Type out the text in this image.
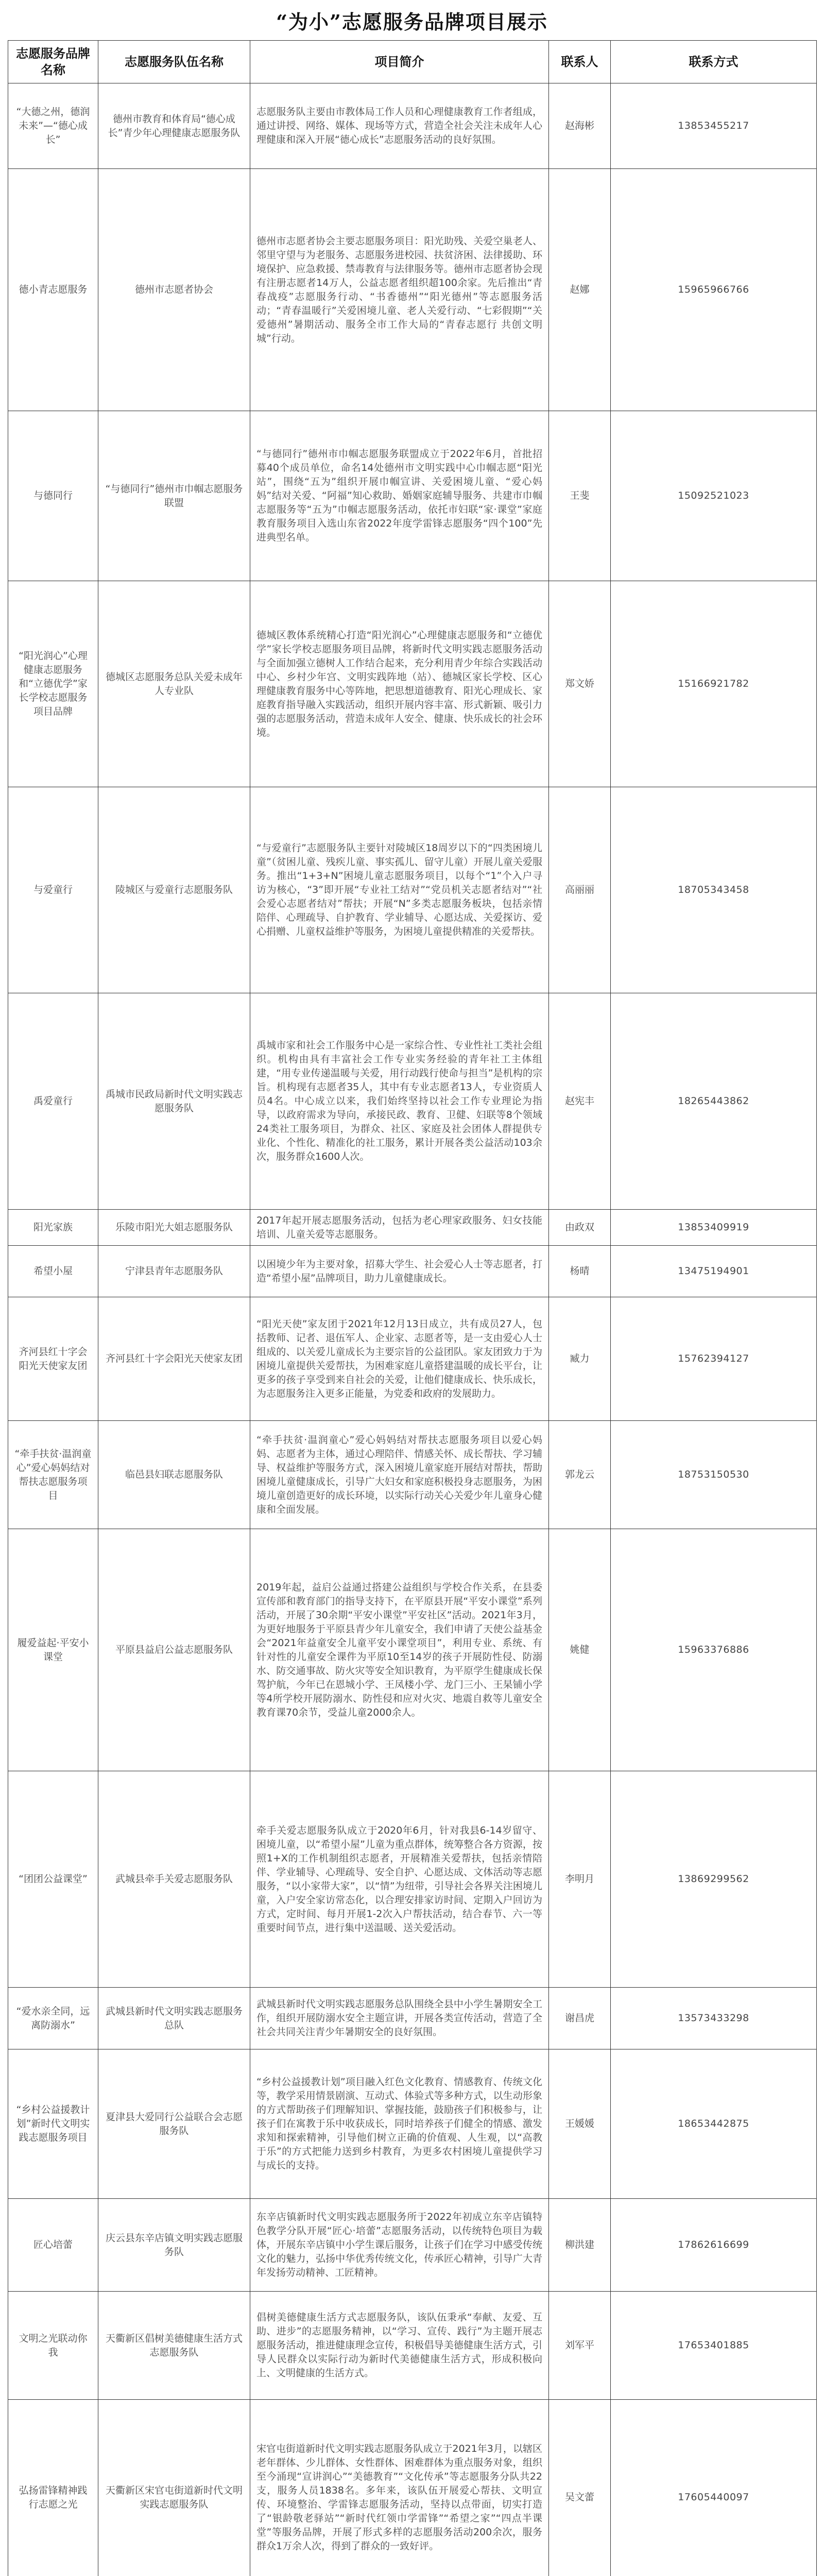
“为小”志愿服务品牌项目展示
志愿服务品牌名称	志愿服务队伍名称	项目简介	联系人	联系方式
“大德之州，德润未来”—“德心成长”	德州市教育和体育局“德心成长”青少年心理健康志愿服务队	志愿服务队主要由市教体局工作人员和心理健康教育工作者组成，通过讲授、网络、媒体、现场等方式，营造全社会关注未成年人心理健康和深入开展“德心成长”志愿服务活动的良好氛围。	赵海彬	13853455217
德小青志愿服务	德州市志愿者协会	德州市志愿者协会主要志愿服务项目：阳光助残、关爱空巢老人、邻里守望与为老服务、志愿服务进校园、扶贫济困、法律援助、环境保护、应急救援、禁毒教育与法律服务等。德州市志愿者协会现有注册志愿者14万人，公益志愿者组织超100余家。先后推出“青春战疫”志愿服务行动、“书香德州”“阳光德州”等志愿服务活动；“青春温暖行”关爱困境儿童、老人关爱行动、“七彩假期”“关爱德州”暑期活动、服务全市工作大局的“青春志愿行 共创文明城”行动。	赵娜	15965966766
与德同行	“与德同行”德州市巾帼志愿服务联盟	“与德同行”德州市巾帼志愿服务联盟成立于2022年6月，首批招募40个成员单位，命名14处德州市文明实践中心巾帼志愿“阳光站”，围绕“五为”组织开展巾帼宣讲、关爱困境儿童、“爱心妈妈”结对关爱、“阿福”知心救助、婚姻家庭辅导服务、共建市巾帼志愿服务等“五为”巾帼志愿服务活动，依托市妇联“家·课堂”家庭教育服务项目入选山东省2022年度学雷锋志愿服务“四个100”先进典型名单。	王斐	15092521023
“阳光润心”心理健康志愿服务和“立德优学”家长学校志愿服务项目品牌	德城区志愿服务总队关爱未成年人专业队	德城区教体系统精心打造“阳光润心”心理健康志愿服务和“立德优学”家长学校志愿服务项目品牌，将新时代文明实践志愿服务活动与全面加强立德树人工作结合起来，充分利用青少年综合实践活动中心、乡村少年宫、文明实践阵地（站）、德城区家长学校、区心理健康教育服务中心等阵地，把思想道德教育、阳光心理成长、家庭教育指导融入实践活动，组织开展内容丰富、形式新颖、吸引力强的志愿服务活动，营造未成年人安全、健康、快乐成长的社会环境。	郑文娇	15166921782
与爱童行	陵城区与爱童行志愿服务队	“与爱童行”志愿服务队主要针对陵城区18周岁以下的“四类困境儿童”（贫困儿童、残疾儿童、事实孤儿、留守儿童）开展儿童关爱服务。推出“1+3+N”困境儿童志愿服务项目，以每个“1”个入户寻访为核心，“3”即开展“专业社工结对”“党员机关志愿者结对”“社会爱心志愿者结对”帮扶；开展“N”多类志愿服务板块，包括亲情陪伴、心理疏导、自护教育、学业辅导、心愿达成、关爱探访、爱心捐赠、儿童权益维护等服务，为困境儿童提供精准的关爱帮扶。	高丽丽	18705343458
禹爱童行	禹城市民政局新时代文明实践志愿服务队	禹城市家和社会工作服务中心是一家综合性、专业性社工类社会组织。机构由具有丰富社会工作专业实务经验的青年社工主体组建，“用专业传递温暖与关爱，用行动践行使命与担当”是机构的宗旨。机构现有志愿者35人，其中有专业志愿者13人，专业资质人员4名。中心成立以来，我们始终坚持以社会工作专业理论为指导，以政府需求为导向，承接民政、教育、卫健、妇联等8个领域24类社工服务项目，为群众、社区、家庭及社会团体人群提供专业化、个性化、精准化的社工服务，累计开展各类公益活动103余次，服务群众1600人次。	赵宪丰	18265443862
阳光家族	乐陵市阳光大姐志愿服务队	2017年起开展志愿服务活动，包括为老心理家政服务、妇女技能培训、儿童关爱等志愿服务。	由政双	13853409919
希望小屋	宁津县青年志愿服务队	以困境少年为主要对象，招募大学生、社会爱心人士等志愿者，打造“希望小屋”品牌项目，助力儿童健康成长。	杨晴	13475194901
齐河县红十字会阳光天使家友团	齐河县红十字会阳光天使家友团	“阳光天使”家友团于2021年12月13日成立，共有成员27人，包括教师、记者、退伍军人、企业家、志愿者等，是一支由爱心人士组成的、以关爱儿童成长为主要宗旨的公益团队。家友团致力于为困境儿童提供关爱帮扶，为困难家庭儿童搭建温暖的成长平台，让更多的孩子享受到来自社会的关爱，让他们健康成长、快乐成长，为志愿服务注入更多正能量，为党委和政府的发展助力。	臧力	15762394127
“牵手扶贫·温润童心”爱心妈妈结对帮扶志愿服务项目	临邑县妇联志愿服务队	“牵手扶贫·温润童心”爱心妈妈结对帮扶志愿服务项目以爱心妈妈、志愿者为主体，通过心理陪伴、情感关怀、成长帮扶、学习辅导、权益维护等服务方式，深入困境儿童家庭开展结对帮扶，帮助困境儿童健康成长，引导广大妇女和家庭积极投身志愿服务，为困境儿童创造更好的成长环境，以实际行动关心关爱少年儿童身心健康和全面发展。	郭龙云	18753150530
履爱益起·平安小课堂	平原县益启公益志愿服务队	2019年起，益启公益通过搭建公益组织与学校合作关系，在县委宣传部和教育部门的指导支持下，在平原县开展“平安小课堂”系列活动，开展了30余期“平安小课堂”平安社区”活动。2021年3月，为更好地服务于平原县青少年儿童安全，我们申请了天使公益基金会“2021年益童安全儿童平安小课堂项目”，利用专业、系统、有针对性的儿童安全课件为平原10至14岁的孩子开展防性侵、防溺水、防交通事故、防火灾等安全知识教育，为平原学生健康成长保驾护航，今年已在恩城小学、王凤楼小学、龙门三小、王杲铺小学等4所学校开展防溺水、防性侵和应对火灾、地震自救等儿童安全教育课70余节，受益儿童2000余人。	姚健	15963376886
“团团公益课堂”	武城县牵手关爱志愿服务队	牵手关爱志愿服务队成立于2020年6月，针对我县6-14岁留守、困境儿童，以“希望小屋”儿童为重点群体，统筹整合各方资源，按照1+X的工作机制组织志愿者，开展精准关爱帮扶，包括亲情陪伴、学业辅导、心理疏导、安全自护、心愿达成、文体活动等志愿服务，“以小家带大家”，以“情”为纽带，引导社会各界关注困境儿童，入户安全家访常态化，以合理安排家访时间、定期入户回访为方式，定时间、每月开展1-2次入户帮扶活动，结合春节、六一等重要时间节点，进行集中送温暖、送关爱活动。	李明月	13869299562
“爱水亲全同，远离防溺水”	武城县新时代文明实践志愿服务总队	武城县新时代文明实践志愿服务总队围绕全县中小学生暑期安全工作，组织开展防溺水安全主题宣讲，开展各类宣传活动，营造了全社会共同关注青少年暑期安全的良好氛围。	谢昌虎	13573433298
“乡村公益援教计划”新时代文明实践志愿服务项目	夏津县大爱同行公益联合会志愿服务队	“乡村公益援教计划”项目融入红色文化教育、情感教育、传统文化等，教学采用情景剧演、互动式、体验式等多种方式，以生动形象的方式帮助孩子们理解知识、掌握技能，鼓励孩子们积极参与，让孩子们在寓教于乐中收获成长，同时培养孩子们健全的情感、激发求知和探索精神，引导他们树立正确的价值观、人生观，以“高教于乐”的方式把能力送到乡村教育，为更多农村困境儿童提供学习与成长的支持。	王媛媛	18653442875
匠心培蕾	庆云县东辛店镇文明实践志愿服务队	东辛店镇新时代文明实践志愿服务所于2022年初成立东辛店镇特色教学分队开展“匠心·培蕾”志愿服务活动，以传统特色项目为载体，开展东辛店镇中小学生课后服务，让孩子们在学习中感受传统文化的魅力，弘扬中华优秀传统文化，传承匠心精神，引导广大青年发扬劳动精神、工匠精神。	柳洪建	17862616699
文明之光联动你我	天衢新区倡树美德健康生活方式志愿服务队	倡树美德健康生活方式志愿服务队，该队伍秉承“奉献、友爱、互助、进步”的志愿服务精神，以“学习、宣传、践行”为主题开展志愿服务活动，推进健康理念宣传，积极倡导美德健康生活方式，引导人民群众以实际行动为新时代美德健康生活方式，形成积极向上、文明健康的生活方式。	刘军平	17653401885
弘扬雷锋精神践行志愿之光	天衢新区宋官屯街道新时代文明实践志愿服务队	宋官屯街道新时代文明实践志愿服务队成立于2021年3月，以辖区老年群体、少儿群体、女性群体、困难群体为重点服务对象，组织至今涌现“宣讲润心”“美德教育”“文化传承”等志愿服务分队共22支，服务人员1838名。多年来，该队伍开展爱心帮扶、文明宣传、环境整治、学雷锋志愿服务活动，坚持以点带面，切实打造了“银龄敬老驿站”“新时代红领巾学雷锋”“希望之家”“四点半课堂”等服务品牌，开展了形式多样的志愿服务活动200余次，服务群众1万余人次，得到了群众的一致好评。	吴文蕾	17605440097
